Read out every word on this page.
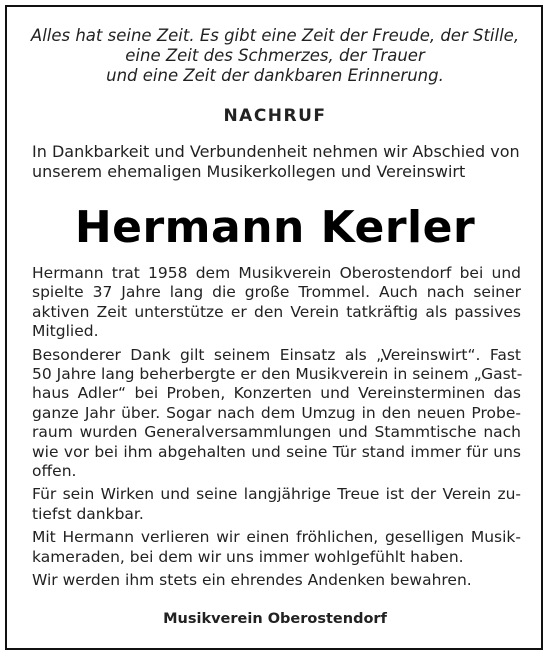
Alles hat seine Zeit. Es gibt eine Zeit der Freude, der Stille,
eine Zeit des Schmerzes, der Trauer
und eine Zeit der dankbaren Erinnerung.
NACHRUF
In Dankbarkeit und Verbundenheit nehmen wir Abschied von
unserem ehemaligen Musikerkollegen und Vereinswirt
Hermann Kerler

Hermann trat 1958 dem Musikverein Oberostendorf bei und
spielte 37 Jahre lang die große Trommel. Auch nach seiner
aktiven Zeit unterstütze er den Verein tatkräftig als passives
Mitglied.

Besonderer Dank gilt seinem Einsatz als „Vereinswirt“. Fast
50 Jahre lang beherbergte er den Musikverein in seinem „Gast-
haus Adler“ bei Proben, Konzerten und Vereinsterminen das
ganze Jahr über. Sogar nach dem Umzug in den neuen Probe-
raum wurden Generalversammlungen und Stammtische nach
wie vor bei ihm abgehalten und seine Tür stand immer für uns
offen.

Für sein Wirken und seine langjährige Treue ist der Verein zu-
tiefst dankbar.

Mit Hermann verlieren wir einen fröhlichen, geselligen Musik-
kameraden, bei dem wir uns immer wohlgefühlt haben.

Wir werden ihm stets ein ehrendes Andenken bewahren.

Musikverein Oberostendorf
